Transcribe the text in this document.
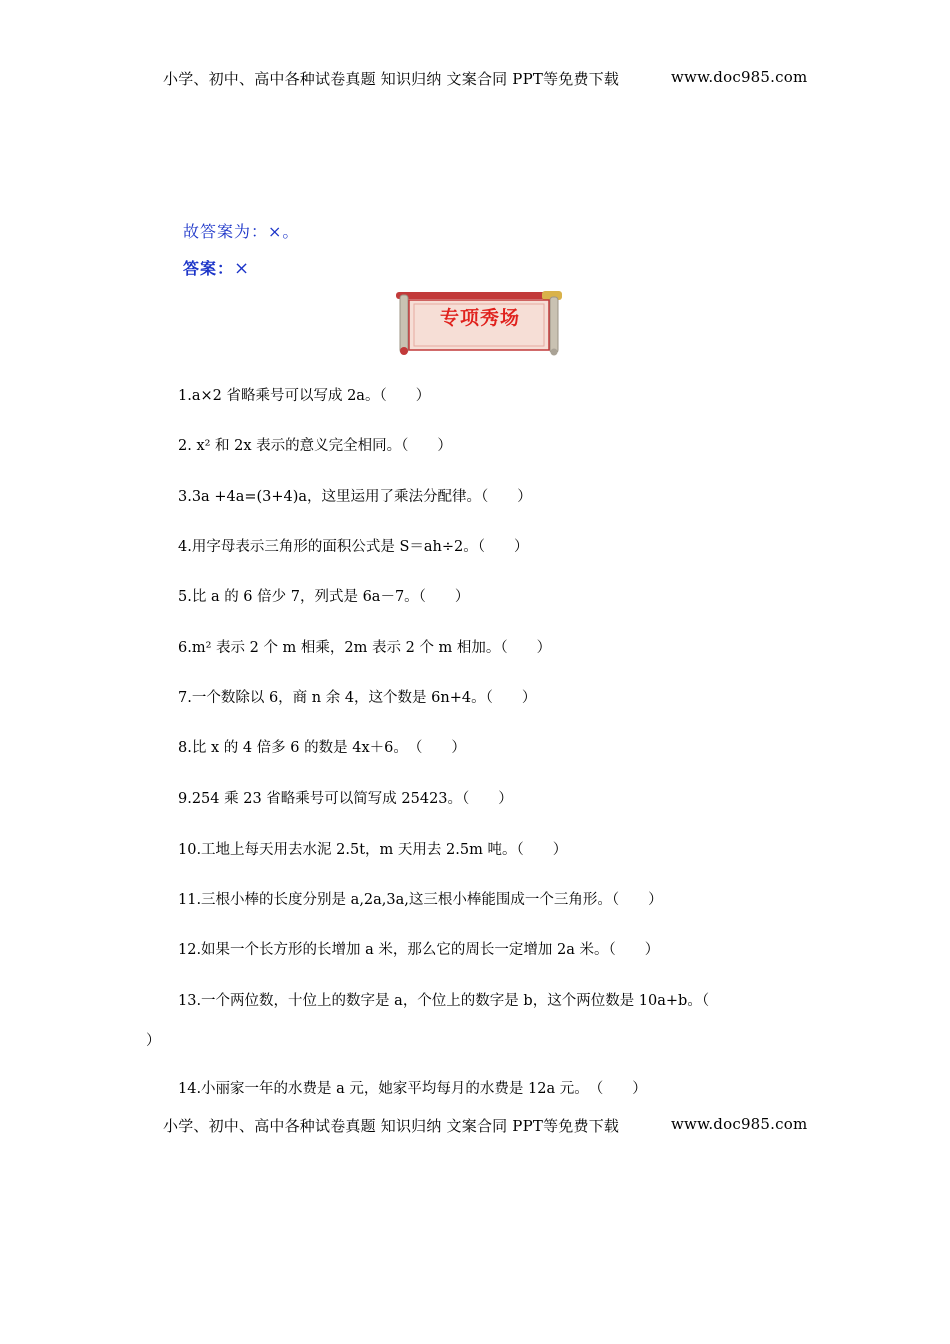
小学、初中、高中各种试卷真题 知识归纳 文案合同 PPT等免费下载	www.doc985.com
故答案为：×。
答案：×
专项秀场
1.a×2 省略乘号可以写成 2a。（　　）
2. x² 和 2x 表示的意义完全相同。（　　）
3.3a +4a=(3+4)a，这里运用了乘法分配律。（　　）
4.用字母表示三角形的面积公式是 S＝ah÷2。（　　）
5.比 a 的 6 倍少 7，列式是 6a－7。（　　）
6.m² 表示 2 个 m 相乘，2m 表示 2 个 m 相加。（　　）
7.一个数除以 6，商 n 余 4，这个数是 6n+4。（　　）
8.比 x 的 4 倍多 6 的数是 4x＋6。　（　　）
9.254 乘 23 省略乘号可以简写成 25423。（　　）
10.工地上每天用去水泥 2.5t，m 天用去 2.5m 吨。（　　）
11.三根小棒的长度分别是 a,2a,3a,这三根小棒能围成一个三角形。（　　）
12.如果一个长方形的长增加 a 米，那么它的周长一定增加 2a 米。（　　）
13.一个两位数，十位上的数字是 a，个位上的数字是 b，这个两位数是 10a+b。（
）
14.小丽家一年的水费是 a 元，她家平均每月的水费是 12a 元。　（　　）
小学、初中、高中各种试卷真题 知识归纳 文案合同 PPT等免费下载	www.doc985.com
